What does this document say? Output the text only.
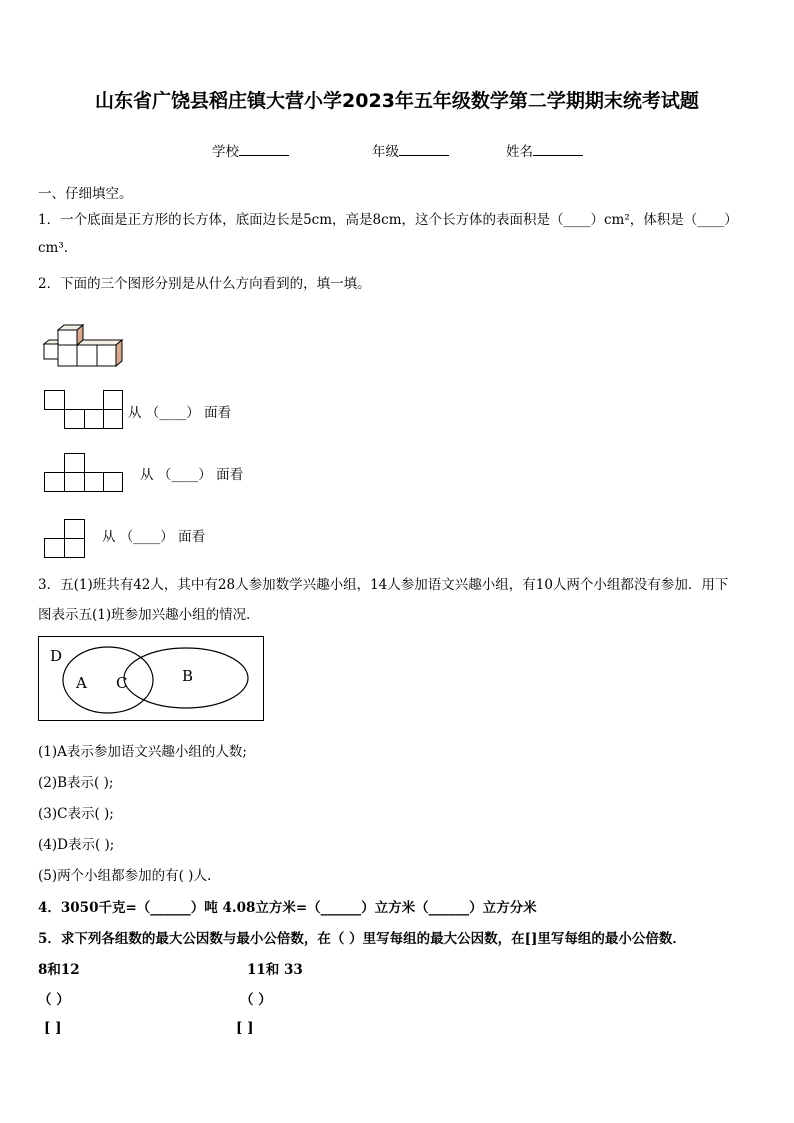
山东省广饶县稻庄镇大营小学2023年五年级数学第二学期期末统考试题
学校	年级	姓名
一、仔细填空。
1．一个底面是正方形的长方体，底面边长是5cm，高是8cm，这个长方体的表面积是（____）cm²，体积是（____）
cm³.
2．下面的三个图形分别是从什么方向看到的，填一填。
从 （____） 面看
从 （____） 面看
从 （____） 面看
3．五(1)班共有42人，其中有28人参加数学兴趣小组，14人参加语文兴趣小组，有10人两个小组都没有参加．用下
图表示五(1)班参加兴趣小组的情况．
D
A C	B
(1)A表示参加语文兴趣小组的人数;
(2)B表示( );
(3)C表示( );
(4)D表示( );
(5)两个小组都参加的有( )人.
4．3050千克=（______）吨 4.08立方米=（______）立方米（______）立方分米
5．求下列各组数的最大公因数与最小公倍数，在（ ）里写每组的最大公因数，在[]里写每组的最小公倍数．
8和12	11和 33
（ ）	（ ）
[ ]	[ ]
